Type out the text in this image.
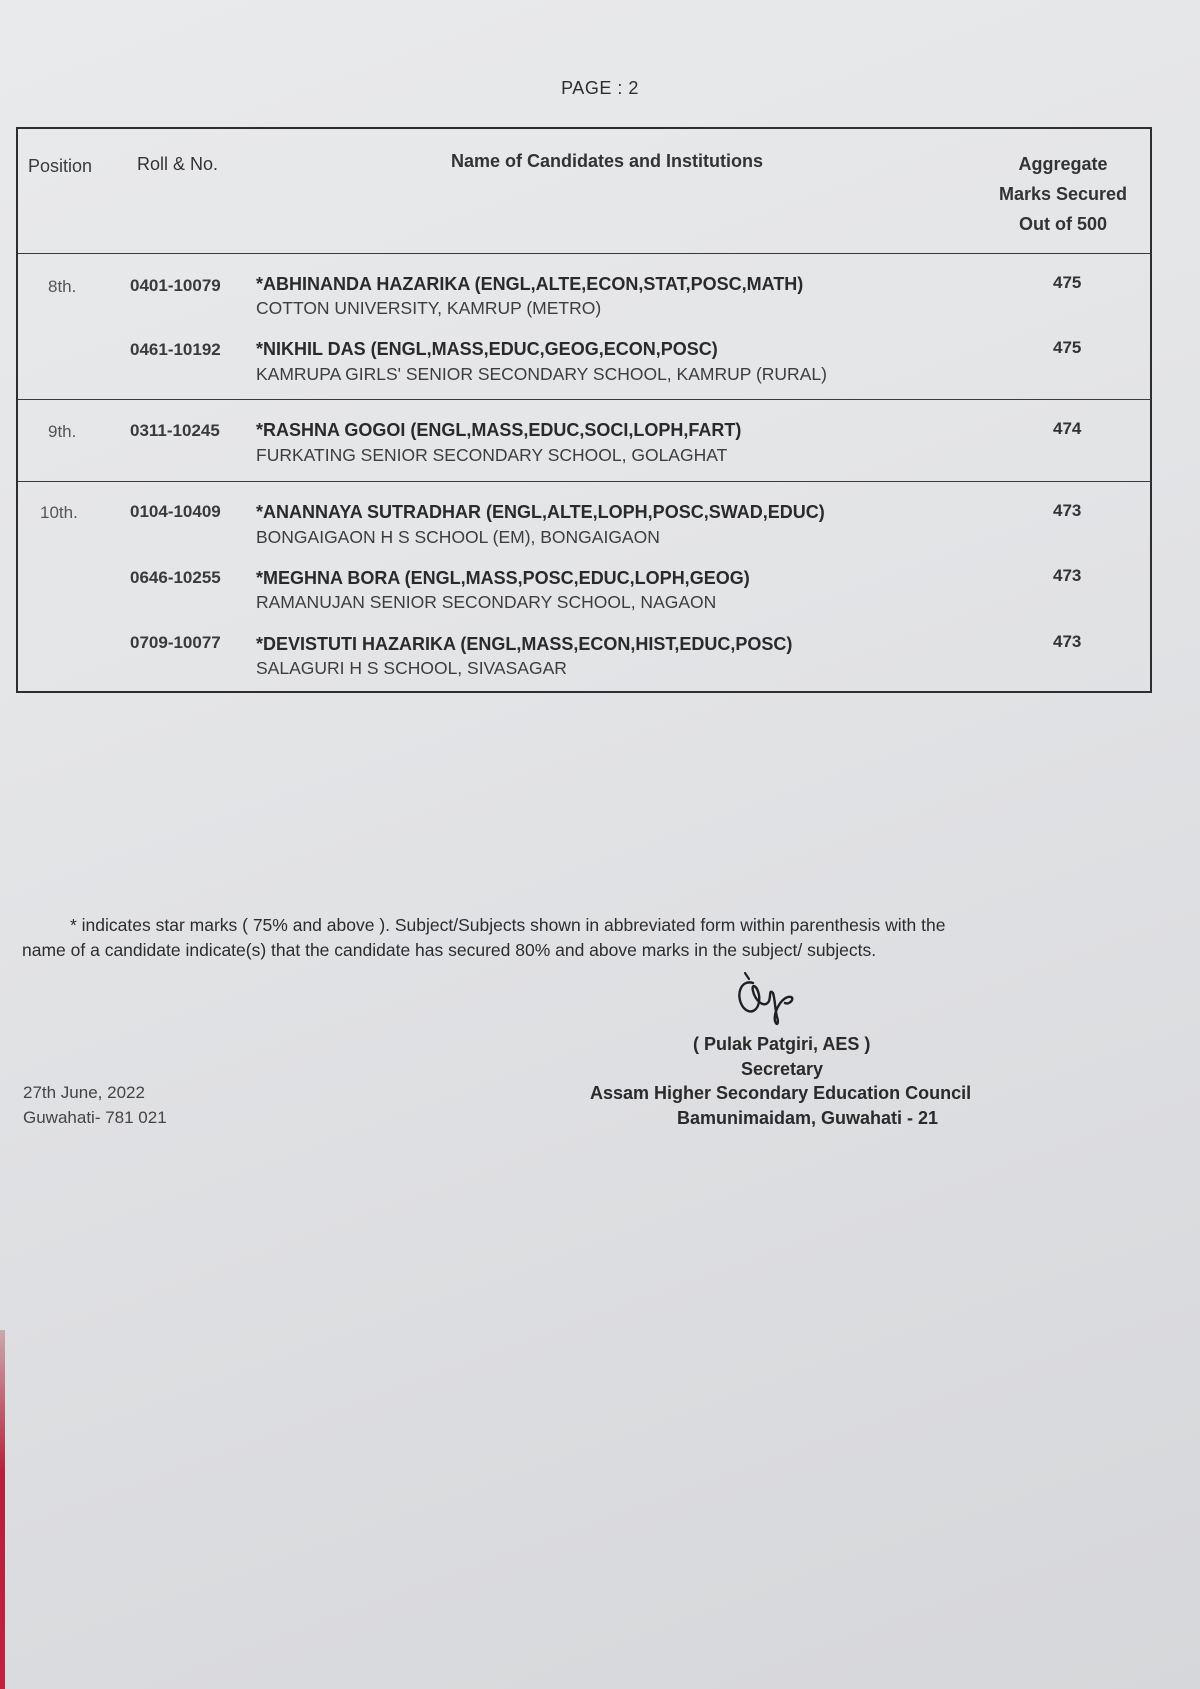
PAGE : 2
Position Roll & No.	Name of Candidates and Institutions	Aggregate
Marks Secured
Out of 500
8th.	0401-10079 *ABHINANDA HAZARIKA (ENGL,ALTE,ECON,STAT,POSC,MATH)
COTTON UNIVERSITY, KAMRUP (METRO)
475
0461-10192 *NIKHIL DAS (ENGL,MASS,EDUC,GEOG,ECON,POSC)
KAMRUPA GIRLS' SENIOR SECONDARY SCHOOL, KAMRUP (RURAL)
475
9th.	0311-10245 *RASHNA GOGOI (ENGL,MASS,EDUC,SOCI,LOPH,FART)
FURKATING SENIOR SECONDARY SCHOOL, GOLAGHAT
474
10th.	0104-10409 *ANANNAYA SUTRADHAR (ENGL,ALTE,LOPH,POSC,SWAD,EDUC)
BONGAIGAON H S SCHOOL (EM), BONGAIGAON
473
0646-10255 *MEGHNA BORA (ENGL,MASS,POSC,EDUC,LOPH,GEOG)
RAMANUJAN SENIOR SECONDARY SCHOOL, NAGAON
473
0709-10077 *DEVISTUTI HAZARIKA (ENGL,MASS,ECON,HIST,EDUC,POSC)
SALAGURI H S SCHOOL, SIVASAGAR
473
* indicates star marks ( 75% and above ). Subject/Subjects shown in abbreviated form within parenthesis with the
name of a candidate indicate(s) that the candidate has secured 80% and above marks in the subject/ subjects.
( Pulak Patgiri, AES )
Secretary
Assam Higher Secondary Education Council
Bamunimaidam, Guwahati - 21
27th June, 2022
Guwahati- 781 021
